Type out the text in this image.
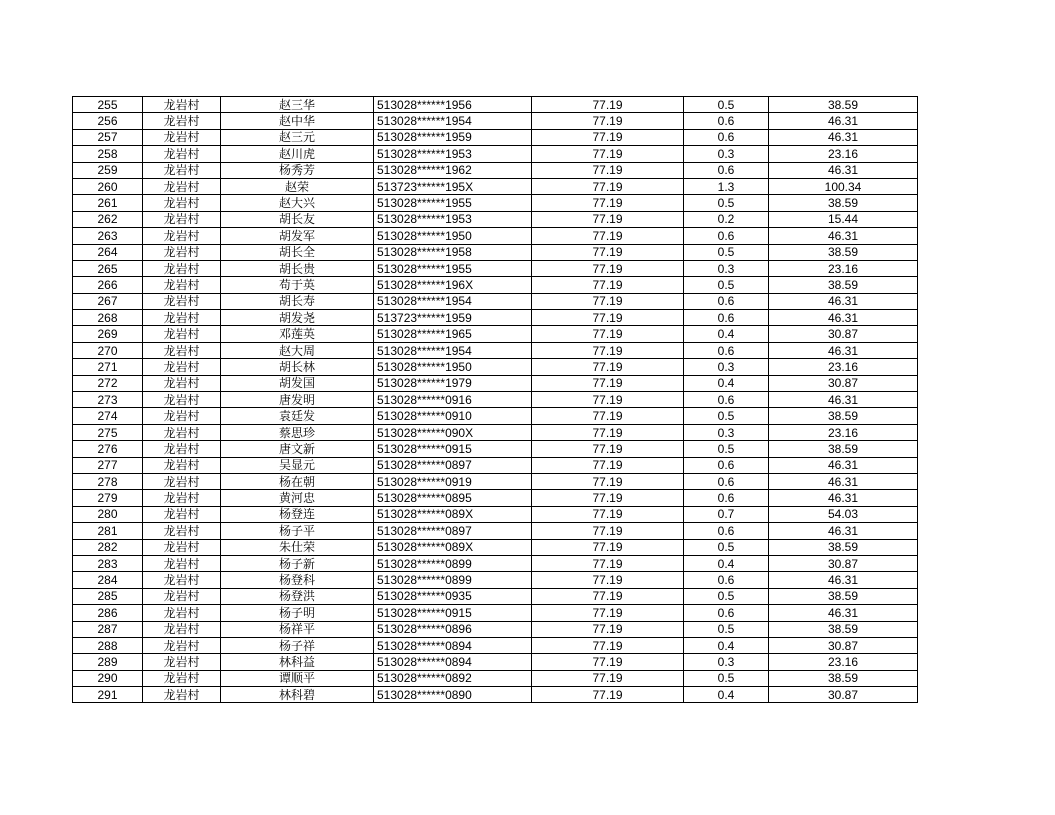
255	龙岩村	赵三华	513028******1956	77.19	0.5	38.59
256	龙岩村	赵中华	513028******1954	77.19	0.6	46.31
257	龙岩村	赵三元	513028******1959	77.19	0.6	46.31
258	龙岩村	赵川虎	513028******1953	77.19	0.3	23.16
259	龙岩村	杨秀芳	513028******1962	77.19	0.6	46.31
260	龙岩村	赵荣	513723******195X	77.19	1.3	100.34
261	龙岩村	赵大兴	513028******1955	77.19	0.5	38.59
262	龙岩村	胡长友	513028******1953	77.19	0.2	15.44
263	龙岩村	胡发军	513028******1950	77.19	0.6	46.31
264	龙岩村	胡长全	513028******1958	77.19	0.5	38.59
265	龙岩村	胡长贵	513028******1955	77.19	0.3	23.16
266	龙岩村	苟于英	513028******196X	77.19	0.5	38.59
267	龙岩村	胡长寿	513028******1954	77.19	0.6	46.31
268	龙岩村	胡发尧	513723******1959	77.19	0.6	46.31
269	龙岩村	邓莲英	513028******1965	77.19	0.4	30.87
270	龙岩村	赵大周	513028******1954	77.19	0.6	46.31
271	龙岩村	胡长林	513028******1950	77.19	0.3	23.16
272	龙岩村	胡发国	513028******1979	77.19	0.4	30.87
273	龙岩村	唐发明	513028******0916	77.19	0.6	46.31
274	龙岩村	袁廷发	513028******0910	77.19	0.5	38.59
275	龙岩村	蔡思珍	513028******090X	77.19	0.3	23.16
276	龙岩村	唐文新	513028******0915	77.19	0.5	38.59
277	龙岩村	吴显元	513028******0897	77.19	0.6	46.31
278	龙岩村	杨在朝	513028******0919	77.19	0.6	46.31
279	龙岩村	黄河忠	513028******0895	77.19	0.6	46.31
280	龙岩村	杨登连	513028******089X	77.19	0.7	54.03
281	龙岩村	杨子平	513028******0897	77.19	0.6	46.31
282	龙岩村	朱仕荣	513028******089X	77.19	0.5	38.59
283	龙岩村	杨子新	513028******0899	77.19	0.4	30.87
284	龙岩村	杨登科	513028******0899	77.19	0.6	46.31
285	龙岩村	杨登洪	513028******0935	77.19	0.5	38.59
286	龙岩村	杨子明	513028******0915	77.19	0.6	46.31
287	龙岩村	杨祥平	513028******0896	77.19	0.5	38.59
288	龙岩村	杨子祥	513028******0894	77.19	0.4	30.87
289	龙岩村	林科益	513028******0894	77.19	0.3	23.16
290	龙岩村	谭顺平	513028******0892	77.19	0.5	38.59
291	龙岩村	林科碧	513028******0890	77.19	0.4	30.87
